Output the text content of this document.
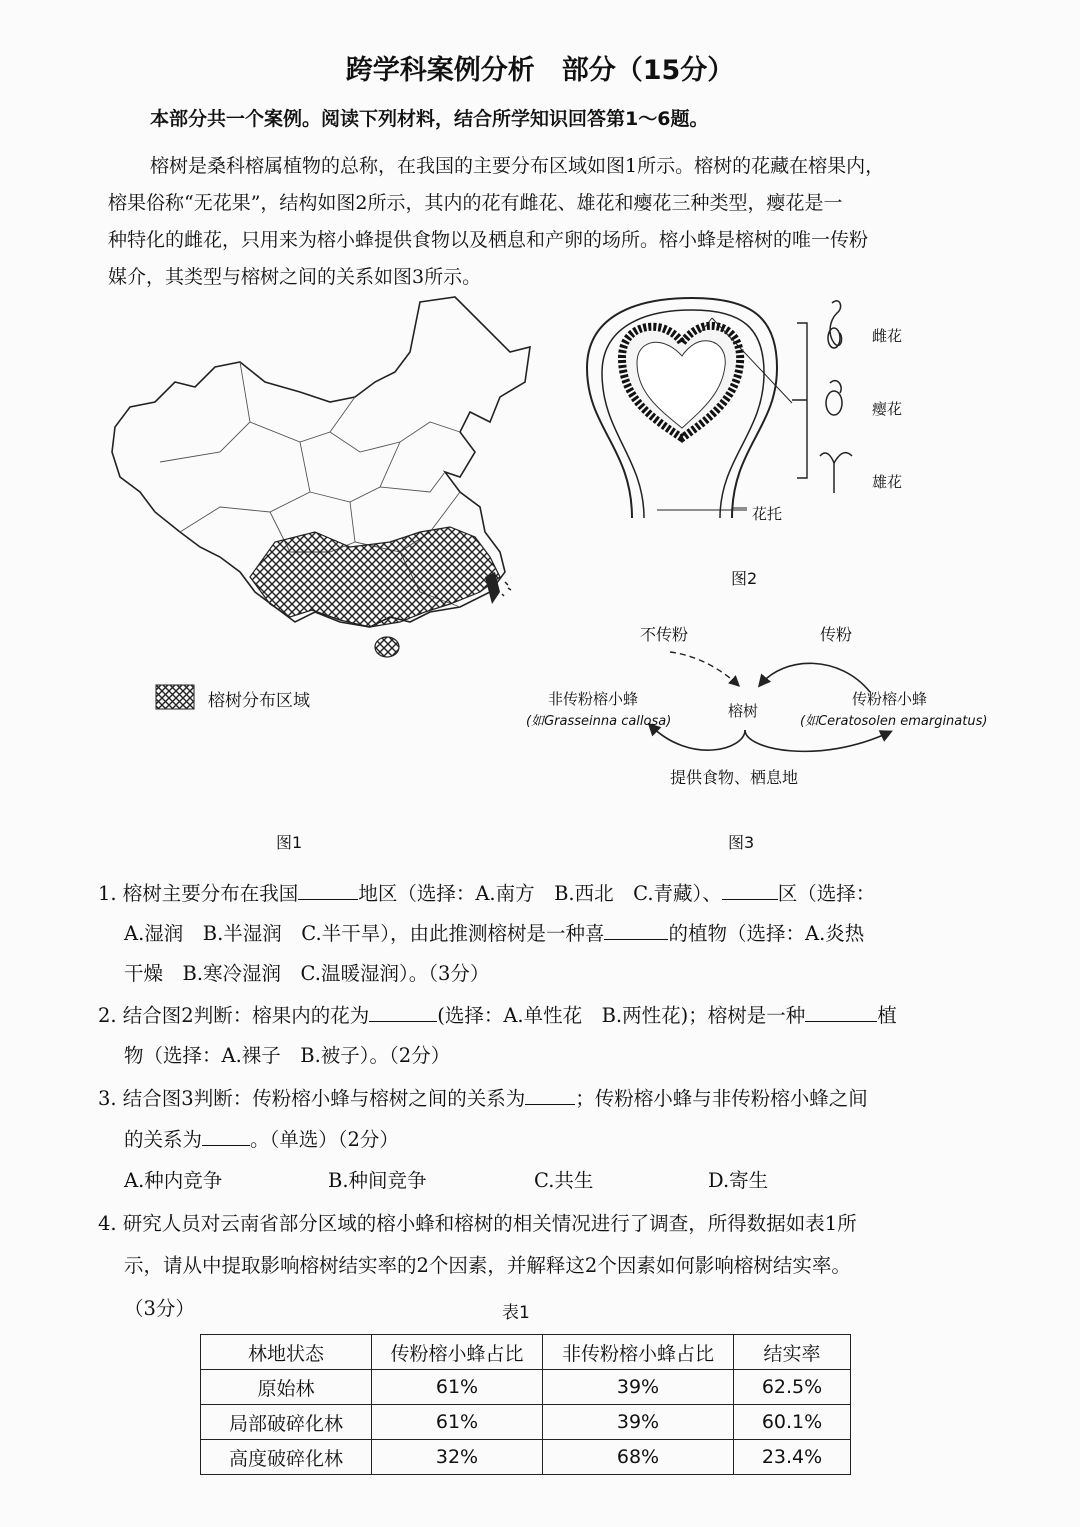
跨学科案例分析　部分（15分）
本部分共一个案例。阅读下列材料，结合所学知识回答第1～6题。
榕树是桑科榕属植物的总称，在我国的主要分布区域如图1所示。榕树的花藏在榕果内，
榕果俗称“无花果”，结构如图2所示，其内的花有雌花、雄花和瘿花三种类型，瘿花是一
种特化的雌花，只用来为榕小蜂提供食物以及栖息和产卵的场所。榕小蜂是榕树的唯一传粉
媒介，其类型与榕树之间的关系如图3所示。
榕树分布区域
图1
雌花
瘿花
雄花
花托
图2
不传粉	传粉
非传粉榕小蜂
(如Grasseinna callosa)
榕树
传粉榕小蜂
(如Ceratosolen emarginatus)
提供食物、栖息地
图3
1. 榕树主要分布在我国	地区（选择：A.南方　B.西北　C.青藏）、	区（选择：
A.湿润　B.半湿润　C.半干旱），由此推测榕树是一种喜	的植物（选择：A.炎热
干燥　B.寒冷湿润　C.温暖湿润）。（3分）
2. 结合图2判断：榕果内的花为	(选择：A.单性花　B.两性花)；榕树是一种	植
物（选择：A.裸子　B.被子）。（2分）
3. 结合图3判断：传粉榕小蜂与榕树之间的关系为	；传粉榕小蜂与非传粉榕小蜂之间
的关系为 。（单选）（2分）
A.种内竞争	B.种间竞争	C.共生	D.寄生
4. 研究人员对云南省部分区域的榕小蜂和榕树的相关情况进行了调查，所得数据如表1所
示，请从中提取影响榕树结实率的2个因素，并解释这2个因素如何影响榕树结实率。
（3分）	表1
林地状态	传粉榕小蜂占比	非传粉榕小蜂占比	结实率
原始林	61%	39%	62.5%
局部破碎化林	61%	39%	60.1%
高度破碎化林	32%	68%	23.4%
